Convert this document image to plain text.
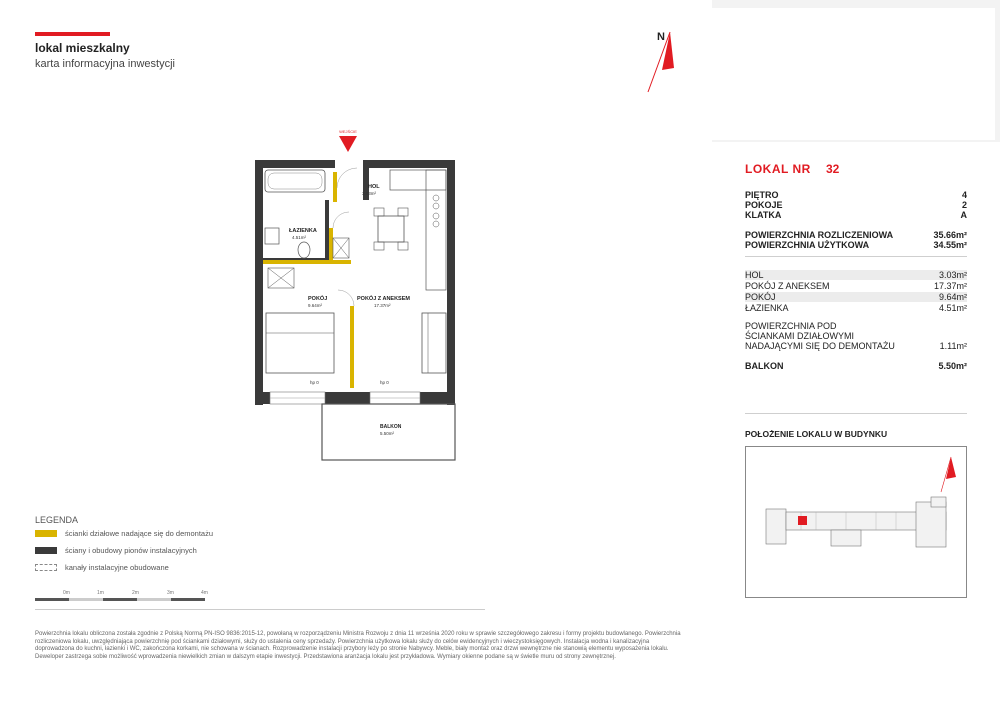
lokal mieszkalny
karta informacyjna inwestycji
N
WEJŚCIE
HOL
3.03m²
ŁAZIENKA
4.51m²
POKÓJ
9.64m²
POKÓJ Z ANEKSEM
17.37m²
BALKON
5.50m²
hp 0	hp 0
LOKAL NR 32
PIĘTRO	4
POKOJE	2
KLATKA	A
POWIERZCHNIA ROZLICZENIOWA	35.66m²
POWIERZCHNIA UŻYTKOWA	34.55m²
HOL	3.03m²
POKÓJ Z ANEKSEM	17.37m²
POKÓJ	9.64m²
ŁAZIENKA	4.51m²
POWIERZCHNIA POD
ŚCIANKAMI DZIAŁOWYMI
NADAJĄCYMI SIĘ DO DEMONTAŻU	1.11m²
BALKON	5.50m²
POŁOŻENIE LOKALU W BUDYNKU
LEGENDA
ścianki działowe nadające się do demontażu
ściany i obudowy pionów instalacyjnych
kanały instalacyjne obudowane
0m	1m	2m	3m	4m
Powierzchnia lokalu obliczona została zgodnie z Polską Normą PN-ISO 9836:2015-12, powołaną w rozporządzeniu Ministra Rozwoju z dnia 11 września 2020 roku w sprawie szczegółowego zakresu i formy projektu budowlanego. Powierzchnia rozliczeniowa lokalu, uwzględniająca powierzchnię pod ściankami działowymi, służy do ustalenia ceny sprzedaży. Powierzchnia użytkowa lokalu służy do celów ewidencyjnych i wieczystoksięgowych. Instalacja wodna i kanalizacyjna doprowadzona do kuchni, łazienki i WC, zakończona korkami, nie schowana w ścianach. Rozprowadzenie instalacji przybory leży po stronie Nabywcy. Meble, biały montaż oraz drzwi wewnętrzne nie stanowią elementu wyposażenia lokalu. Deweloper zastrzega sobie możliwość wprowadzenia niewielkich zmian w dalszym etapie inwestycji. Przedstawiona aranżacja lokalu jest przykładowa. Wymiary okienne podane są w świetle muru od strony zewnętrznej.
